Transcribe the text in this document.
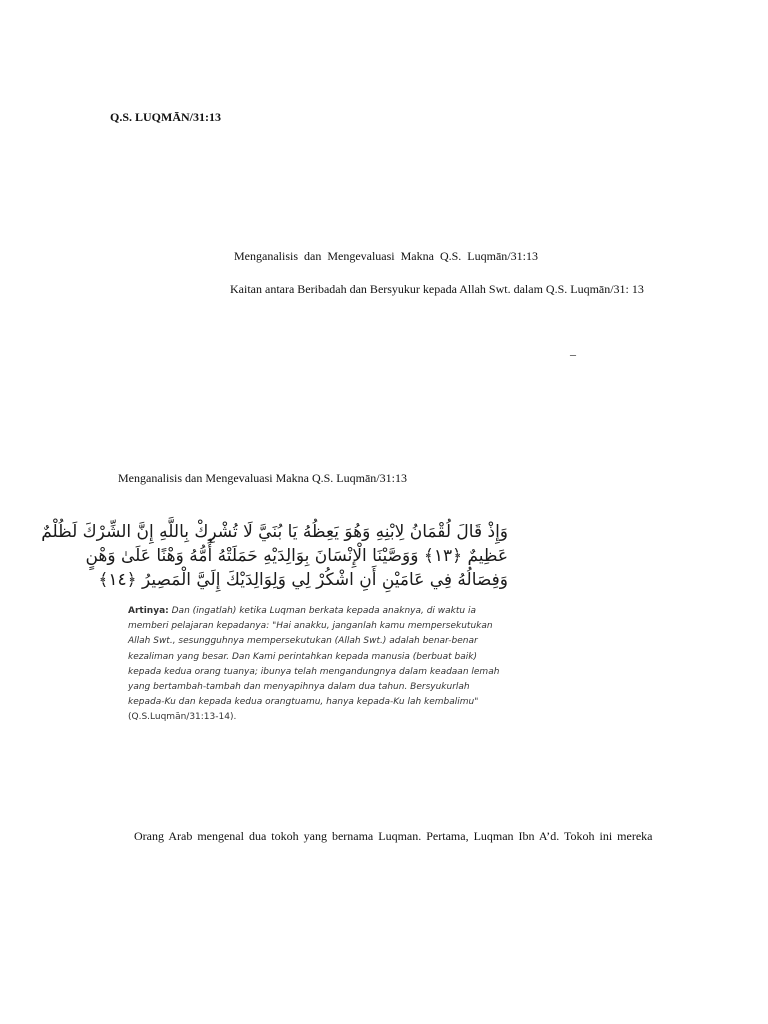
Q.S. LUQMĀN/31:13
Menganalisis dan Mengevaluasi Makna Q.S. Luqmān/31:13
Kaitan antara Beribadah dan Bersyukur kepada Allah Swt. dalam Q.S. Luqmān/31: 13
–
Menganalisis dan Mengevaluasi Makna Q.S. Luqmān/31:13
وَإِذْ قَالَ لُقْمَانُ لِابْنِهِ وَهُوَ يَعِظُهُ يَا بُنَيَّ لَا تُشْرِكْ بِاللَّهِ إِنَّ الشِّرْكَ لَظُلْمٌ
عَظِيمٌ ﴿١٣﴾ وَوَصَّيْنَا الْإِنْسَانَ بِوَالِدَيْهِ حَمَلَتْهُ أُمُّهُ وَهْنًا عَلَىٰ وَهْنٍ
وَفِصَالُهُ فِي عَامَيْنِ أَنِ اشْكُرْ لِي وَلِوَالِدَيْكَ إِلَيَّ الْمَصِيرُ ﴿١٤﴾
Artinya: Dan (ingatlah) ketika Luqman berkata kepada anaknya, di waktu ia memberi pelajaran kepadanya: "Hai anakku, janganlah kamu mempersekutukan Allah Swt., sesungguhnya mempersekutukan (Allah Swt.) adalah benar-benar kezaliman yang besar. Dan Kami perintahkan kepada manusia (berbuat baik) kepada kedua orang tuanya; ibunya telah mengandungnya dalam keadaan lemah yang bertambah-tambah dan menyapihnya dalam dua tahun. Bersyukurlah kepada-Ku dan kepada kedua orangtuamu, hanya kepada-Ku lah kembalimu" (Q.S.Luqmān/31:13-14).
Orang Arab mengenal dua tokoh yang bernama Luqman. Pertama, Luqman Ibn A’d. Tokoh ini mereka
